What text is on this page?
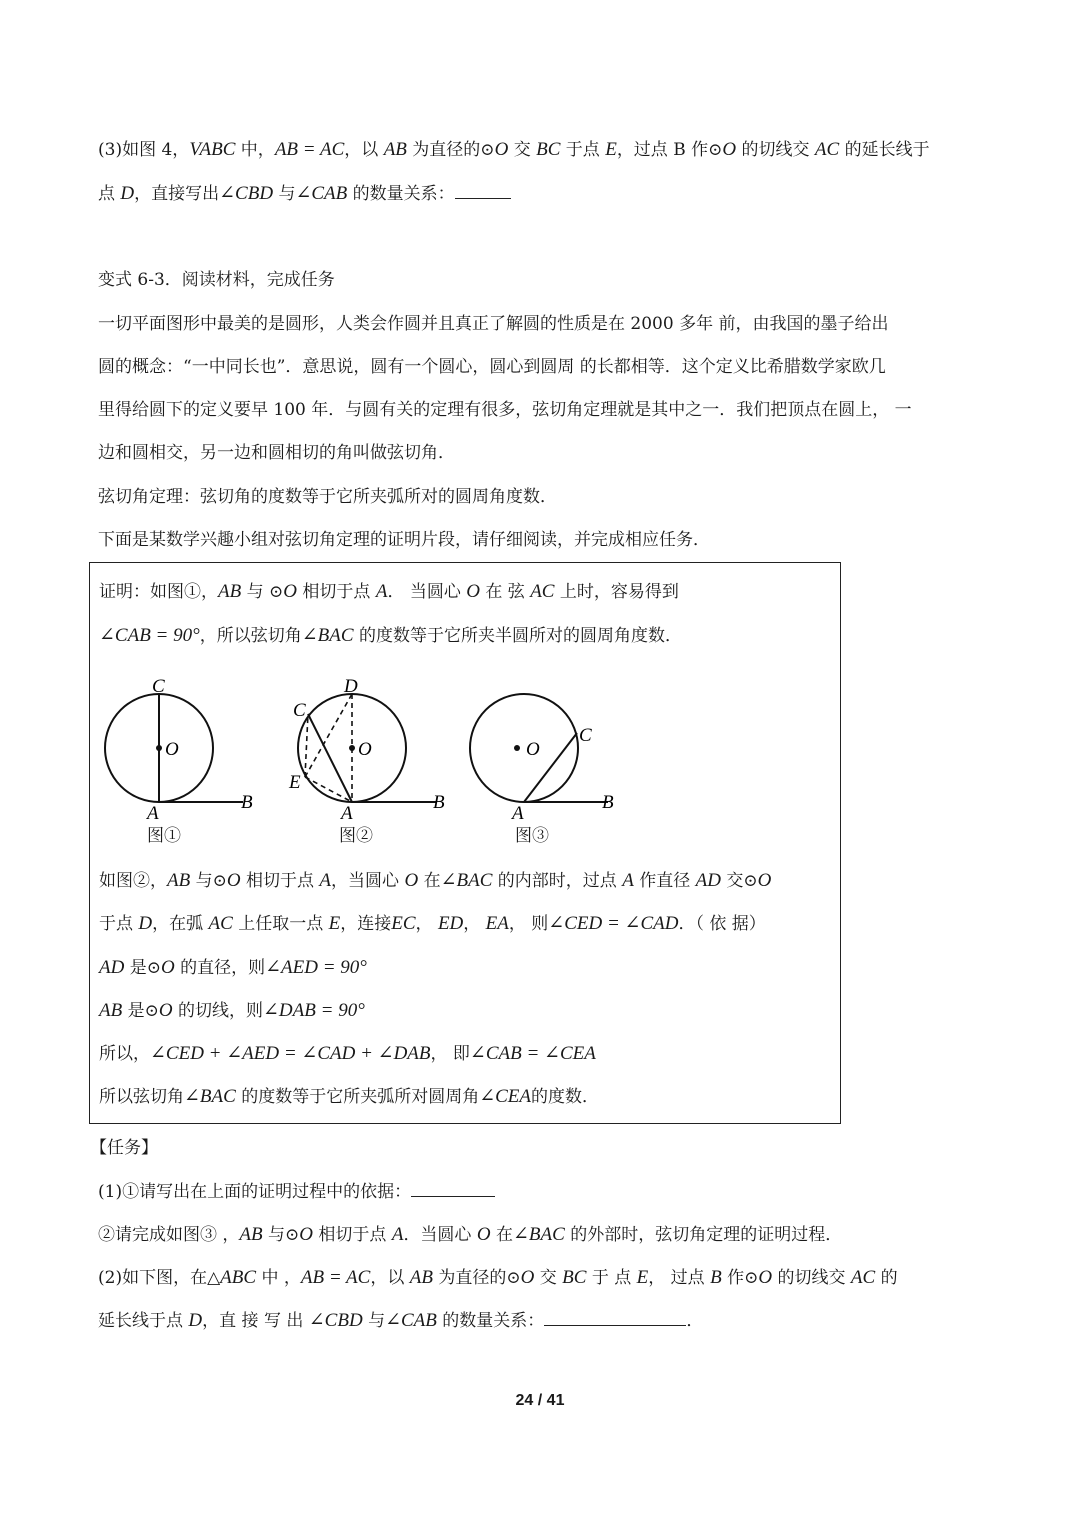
(3)如图 4，VABC 中，AB = AC，以 AB 为直径的⊙O 交 BC 于点 E，过点 B 作⊙O 的切线交 AC 的延长线于
点 D，直接写出∠CBD 与∠CAB 的数量关系：
变式 6-3．阅读材料，完成任务
一切平面图形中最美的是圆形，人类会作圆并且真正了解圆的性质是在 2000 多年 前，由我国的墨子给出
圆的概念：“一中同长也”．意思说，圆有一个圆心，圆心到圆周 的长都相等．这个定义比希腊数学家欧几
里得给圆下的定义要早 100 年．与圆有关的定理有很多，弦切角定理就是其中之一．我们把顶点在圆上， 一
边和圆相交，另一边和圆相切的角叫做弦切角．
弦切角定理：弦切角的度数等于它所夹弧所对的圆周角度数．
下面是某数学兴趣小组对弦切角定理的证明片段，请仔细阅读，并完成相应任务．
证明：如图①，AB 与 ⊙O 相切于点 A． 当圆心 O 在 弦 AC 上时，容易得到
∠CAB = 90°，所以弦切角∠BAC 的度数等于它所夹半圆所对的圆周角度数．
C
O
A
B
图①
D
C
O
E
A
B
图②
O
C
A
B
图③
如图②，AB 与⊙O 相切于点 A，当圆心 O 在∠BAC 的内部时，过点 A 作直径 AD 交⊙O
于点 D，在弧 AC 上任取一点 E，连接EC， ED， EA， 则∠CED = ∠CAD．（ 依 据）
AD 是⊙O 的直径，则∠AED = 90°
AB 是⊙O 的切线，则∠DAB = 90°
所以，∠CED + ∠AED = ∠CAD + ∠DAB， 即∠CAB = ∠CEA
所以弦切角∠BAC 的度数等于它所夹弧所对圆周角∠CEA的度数．
【任务】
(1)①请写出在上面的证明过程中的依据：
②请完成如图③ ，AB 与⊙O 相切于点 A．当圆心 O 在∠BAC 的外部时，弦切角定理的证明过程．
(2)如下图，在△ABC 中 ，AB = AC，以 AB 为直径的⊙O 交 BC 于 点 E， 过点 B 作⊙O 的切线交 AC 的
延长线于点 D，直 接 写 出 ∠CBD 与∠CAB 的数量关系：	．
24 / 41
